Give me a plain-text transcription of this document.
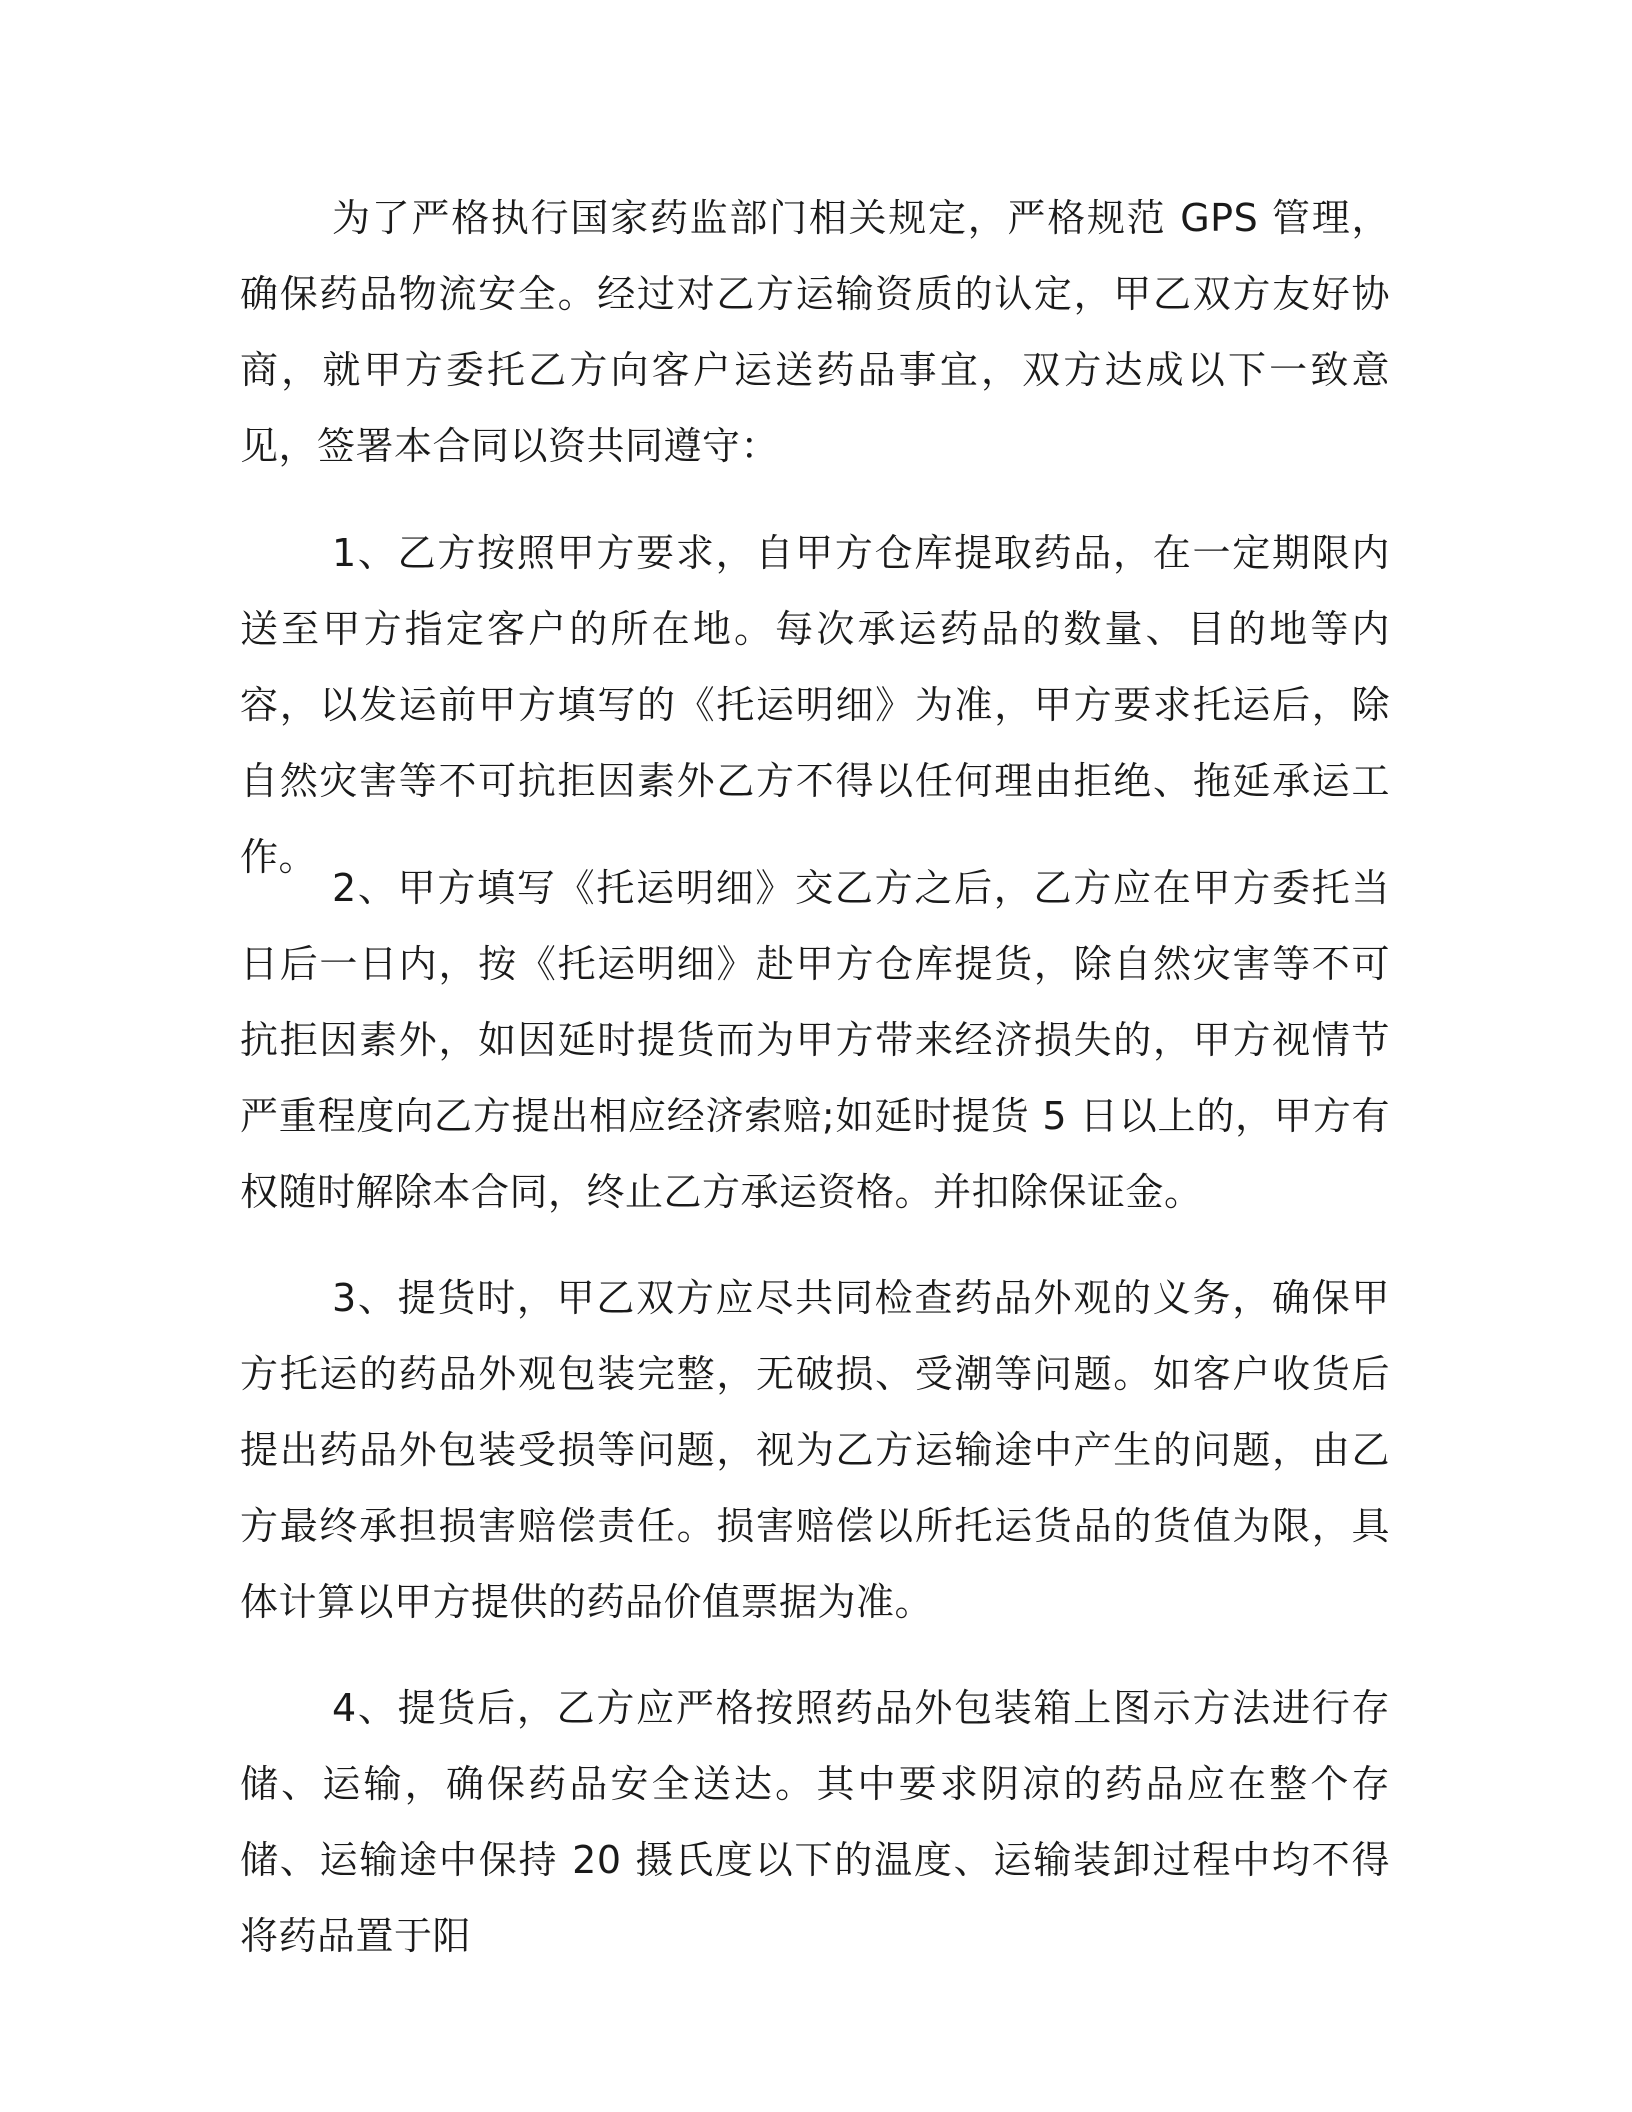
为了严格执行国家药监部门相关规定，严格规范 GPS 管理，确保药品物流安全。经过对乙方运输资质的认定，甲乙双方友好协商，就甲方委托乙方向客户运送药品事宜，双方达成以下一致意见，签署本合同以资共同遵守：

1、乙方按照甲方要求，自甲方仓库提取药品，在一定期限内送至甲方指定客户的所在地。每次承运药品的数量、目的地等内容，以发运前甲方填写的《托运明细》为准，甲方要求托运后，除自然灾害等不可抗拒因素外乙方不得以任何理由拒绝、拖延承运工作。

2、甲方填写《托运明细》交乙方之后，乙方应在甲方委托当日后一日内，按《托运明细》赴甲方仓库提货，除自然灾害等不可抗拒因素外，如因延时提货而为甲方带来经济损失的，甲方视情节严重程度向乙方提出相应经济索赔;如延时提货 5 日以上的，甲方有权随时解除本合同，终止乙方承运资格。并扣除保证金。

3、提货时，甲乙双方应尽共同检查药品外观的义务，确保甲方托运的药品外观包装完整，无破损、受潮等问题。如客户收货后提出药品外包装受损等问题，视为乙方运输途中产生的问题，由乙方最终承担损害赔偿责任。损害赔偿以所托运货品的货值为限，具体计算以甲方提供的药品价值票据为准。

4、提货后，乙方应严格按照药品外包装箱上图示方法进行存储、运输，确保药品安全送达。其中要求阴凉的药品应在整个存储、运输途中保持 20 摄氏度以下的温度、运输装卸过程中均不得将药品置于阳
